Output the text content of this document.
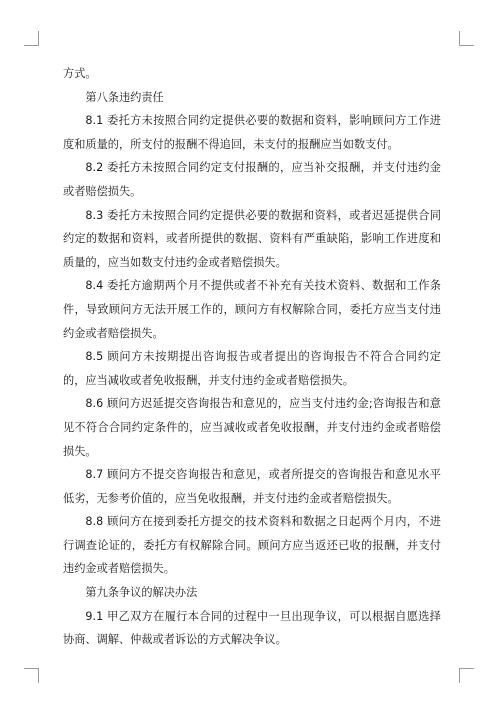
方式。

第八条违约责任

8.1 委托方未按照合同约定提供必要的数据和资料，影响顾问方工作进度和质量的，所支付的报酬不得追回，未支付的报酬应当如数支付。

8.2 委托方未按照合同约定支付报酬的，应当补交报酬，并支付违约金或者赔偿损失。

8.3 委托方未按照合同约定提供必要的数据和资料，或者迟延提供合同约定的数据和资料，或者所提供的数据、资料有严重缺陷，影响工作进度和质量的，应当如数支付违约金或者赔偿损失。

8.4 委托方逾期两个月不提供或者不补充有关技术资料、数据和工作条件，导致顾问方无法开展工作的，顾问方有权解除合同，委托方应当支付违约金或者赔偿损失。

8.5 顾问方未按期提出咨询报告或者提出的咨询报告不符合合同约定的，应当减收或者免收报酬，并支付违约金或者赔偿损失。

8.6 顾问方迟延提交咨询报告和意见的，应当支付违约金;咨询报告和意见不符合合同约定条件的，应当减收或者免收报酬，并支付违约金或者赔偿损失。

8.7 顾问方不提交咨询报告和意见，或者所提交的咨询报告和意见水平低劣，无参考价值的，应当免收报酬，并支付违约金或者赔偿损失。

8.8 顾问方在接到委托方提交的技术资料和数据之日起两个月内，不进行调查论证的，委托方有权解除合同。顾问方应当返还已收的报酬，并支付违约金或者赔偿损失。

第九条争议的解决办法

9.1 甲乙双方在履行本合同的过程中一旦出现争议，可以根据自愿选择协商、调解、仲裁或者诉讼的方式解决争议。
